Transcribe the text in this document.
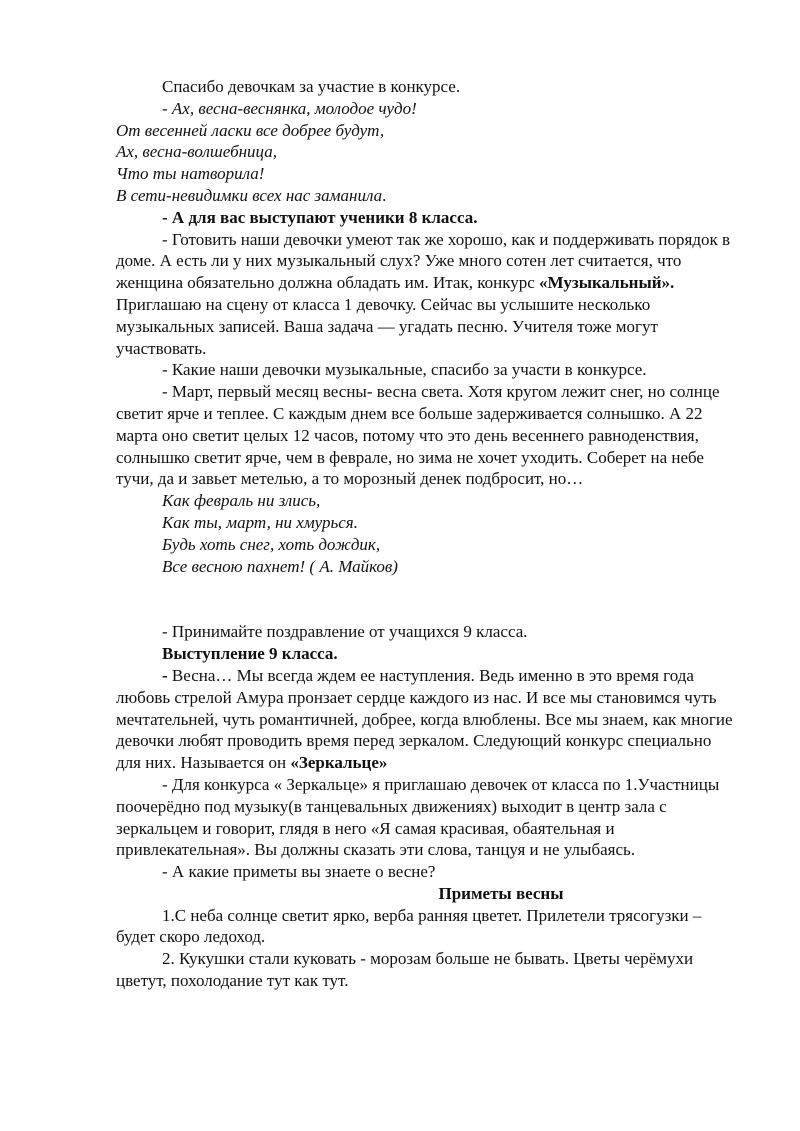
Спасибо девочкам за участие в конкурсе.

- Ах, весна-веснянка, молодое чудо!

От весенней ласки все добрее будут,

Ах, весна-волшебница,

Что ты натворила!

В сети-невидимки всех нас заманила.

- А для вас выступают ученики 8 класса.

- Готовить наши девочки умеют так же хорошо, как и поддерживать порядок в доме. А есть ли у них музыкальный слух? Уже много сотен лет считается, что женщина обязательно должна обладать им. Итак, конкурс «Музыкальный». Приглашаю на сцену от класса 1 девочку. Сейчас вы услышите несколько музыкальных записей. Ваша задача — угадать песню. Учителя тоже могут участвовать.

- Какие наши девочки музыкальные, спасибо за участи в конкурсе.

- Март, первый месяц весны- весна света. Хотя кругом лежит снег, но солнце светит ярче и теплее. С каждым днем все больше задерживается солнышко. А 22 марта оно светит целых 12 часов, потому что это день весеннего равноденствия, солнышко светит ярче, чем в феврале, но зима не хочет уходить. Соберет на небе тучи, да и завьет метелью, а то морозный денек подбросит, но…

Как февраль ни злись,

Как ты, март, ни хмурься.

Будь хоть снег, хоть дождик,

Все весною пахнет! ( А. Майков)

- Принимайте поздравление от учащихся 9 класса.

Выступление 9 класса.

- Весна… Мы всегда ждем ее наступления. Ведь именно в это время года любовь стрелой Амура пронзает сердце каждого из нас. И все мы становимся чуть мечтательней, чуть романтичней, добрее, когда влюблены. Все мы знаем, как многие девочки любят проводить время перед зеркалом. Следующий конкурс специально для них. Называется он «Зеркальце»

- Для конкурса « Зеркальце» я приглашаю девочек от класса по 1.Участницы поочерёдно под музыку(в танцевальных движениях) выходит в центр зала с зеркальцем и говорит, глядя в него «Я самая красивая, обаятельная и привлекательная». Вы должны сказать эти слова, танцуя и не улыбаясь.

- А какие приметы вы знаете о весне?

Приметы весны

1.С неба солнце светит ярко, верба ранняя цветет. Прилетели трясогузки – будет скоро ледоход.

2. Кукушки стали куковать - морозам больше не бывать. Цветы черёмухи цветут, похолодание тут как тут.
